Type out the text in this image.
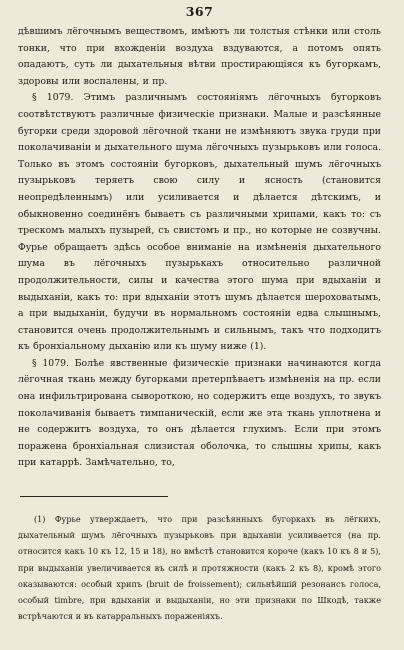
367

дѣвшимъ лёгочнымъ веществомъ, имѣютъ ли толстыя стѣнки или столь тонки, что при вхожденіи воздуха вздуваются, а потомъ опять опадаютъ, суть ли дыхательныя вѣтви простирающіяся къ бугоркамъ, здоровы или воспалены, и пр.

§ 1079. Этимъ различнымъ состояніямъ лёгочныхъ бугорковъ соотвѣтствуютъ различные физическіе признаки. Малые и разсѣянные бугорки среди здоровой лёгочной ткани не измѣняютъ звука груди при поколачиваніи и дыхательного шума лёгочныхъ пузырьковъ или голоса. Только въ этомъ состояніи бугорковъ, дыхательный шумъ лёгочныхъ пузырьковъ теряетъ свою силу и ясность (становится неопредѣленнымъ) или усиливается и дѣлается дѣтскимъ, и обыкновенно соединёнъ бываетъ съ различными хрипами, какъ то: съ трескомъ малыхъ пузырей, съ свистомъ и пр., но которые не созвучны. Фурье обращаетъ здѣсь особое вниманіе на измѣненія дыхательного шума въ лёгочныхъ пузырькахъ относительно различной продолжительности, силы и качества этого шума при вдыханіи и выдыханіи, какъ то: при вдыханіи этотъ шумъ дѣлается шероховатымъ, а при выдыханіи, будучи въ нормальномъ состояніи едва слышнымъ, становится очень продолжительнымъ и сильнымъ, такъ что подходитъ къ бронхіальному дыханію или къ шуму ниже (1).

§ 1079. Болѣе явственные физическіе признаки начинаются когда лёгочная ткань между бугорками претерпѣваетъ измѣненія на пр. если она инфильтрирована сывороткою, но содержитъ еще воздухъ, то звукъ поколачиванія бываетъ тимпаническій, если же эта ткань уплотнена и не содержитъ воздуха, то онъ дѣлается глухимъ. Если при этомъ поражена бронхіальная слизистая оболочка, то слышны хрипы, какъ при катаррѣ. Замѣчательно, то,

(1) Фурье утверждаетъ, что при разсѣянныхъ бугоркахъ въ лёгкихъ, дыхательный шумъ лёгочныхъ пузырьковъ при вдыханіи усиливается (на пр. относится какъ 10 къ 12, 15 и 18), но вмѣстѣ становится короче (какъ 10 къ 8 и 5), при выдыханіи увеличивается въ силѣ и протяжности (какъ 2 къ 8), кромѣ этого оказываются: особый хрипъ (bruit de froissement); сильнѣйшій резонансъ голоса, особый timbre, при вдыханіи и выдыханіи, но эти признаки по Шкодѣ, также встрѣчаются и въ катарральныхъ пораженіяхъ.
